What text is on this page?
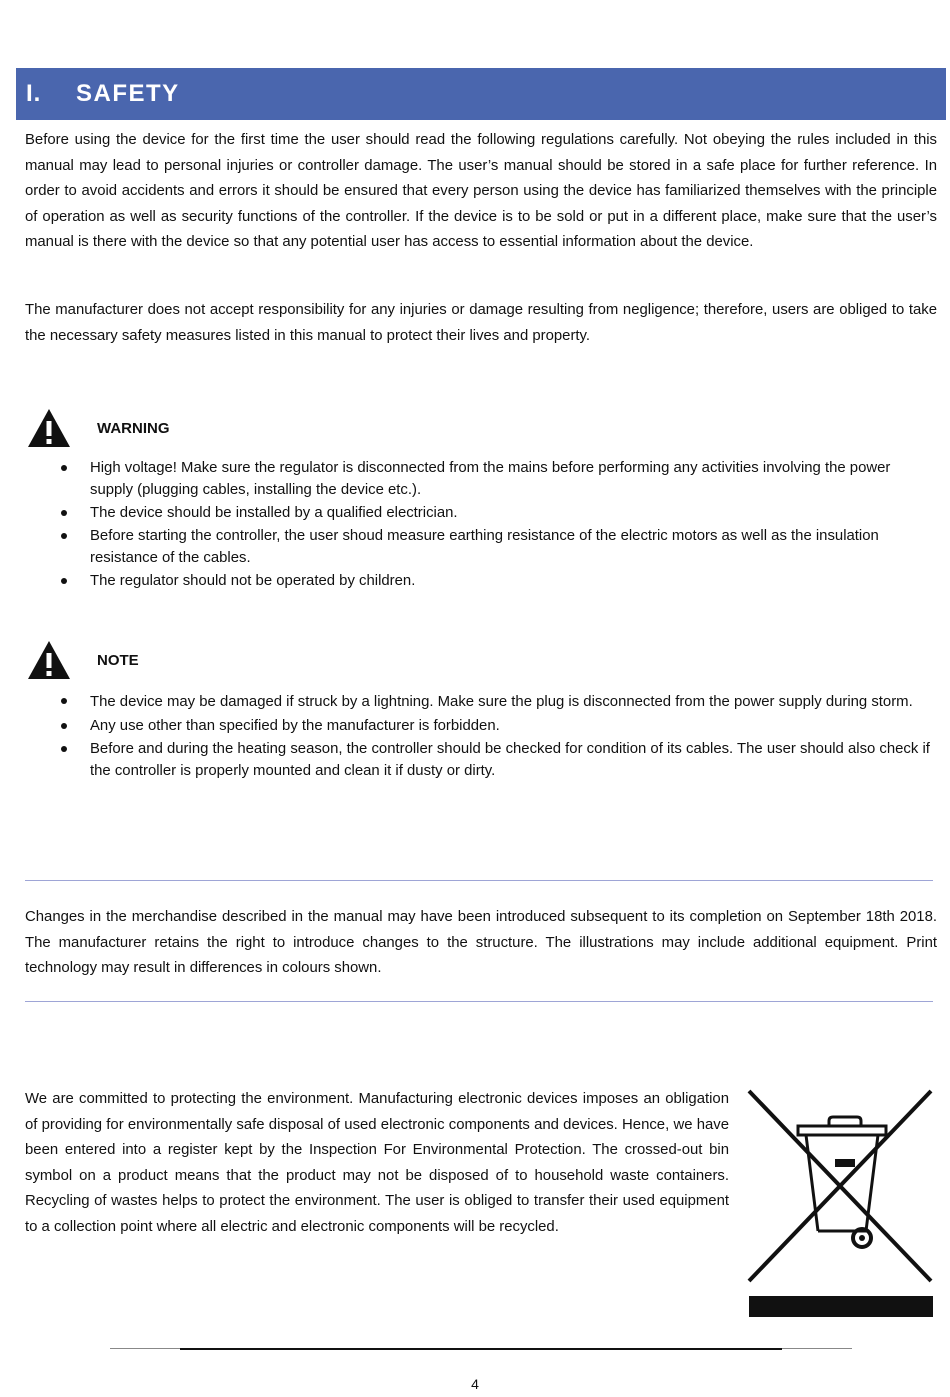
I.	SAFETY

Before using the device for the first time the user should read the following regulations carefully. Not obeying the rules included in this manual may lead to personal injuries or controller damage. The user’s manual should be stored in a safe place for further reference. In order to avoid accidents and errors it should be ensured that every person using the device has familiarized themselves with the principle of operation as well as security functions of the controller. If the device is to be sold or put in a different place, make sure that the user’s manual is there with the device so that any potential user has access to essential information about the device.

The manufacturer does not accept responsibility for any injuries or damage resulting from negligence; therefore, users are obliged to take the necessary safety measures listed in this manual to protect their lives and property.

WARNING
High voltage! Make sure the regulator is disconnected from the mains before performing any activities involving the power supply (plugging cables, installing the device etc.).
The device should be installed by a qualified electrician.
Before starting the controller, the user shoud measure earthing resistance of the electric motors as well as the insulation resistance of the cables.
The regulator should not be operated by children.
NOTE
The device may be damaged if struck by a lightning. Make sure the plug is disconnected from the power supply during storm.
Any use other than specified by the manufacturer is forbidden.
Before and during the heating season, the controller should be checked for condition of its cables. The user should also check if the controller is properly mounted and clean it if dusty or dirty.

Changes in the merchandise described in the manual may have been introduced subsequent to its completion on September 18th 2018. The manufacturer retains the right to introduce changes to the structure. The illustrations may include additional equipment. Print technology may result in differences in colours shown.

We are committed to protecting the environment. Manufacturing electronic devices imposes an obligation of providing for environmentally safe disposal of used electronic components and devices. Hence, we have been entered into a register kept by the Inspection For Environmental Protection. The crossed-out bin symbol on a product means that the product may not be disposed of to household waste containers. Recycling of wastes helps to protect the environment. The user is obliged to transfer their used equipment to a collection point where all electric and electronic components will be recycled.

4
